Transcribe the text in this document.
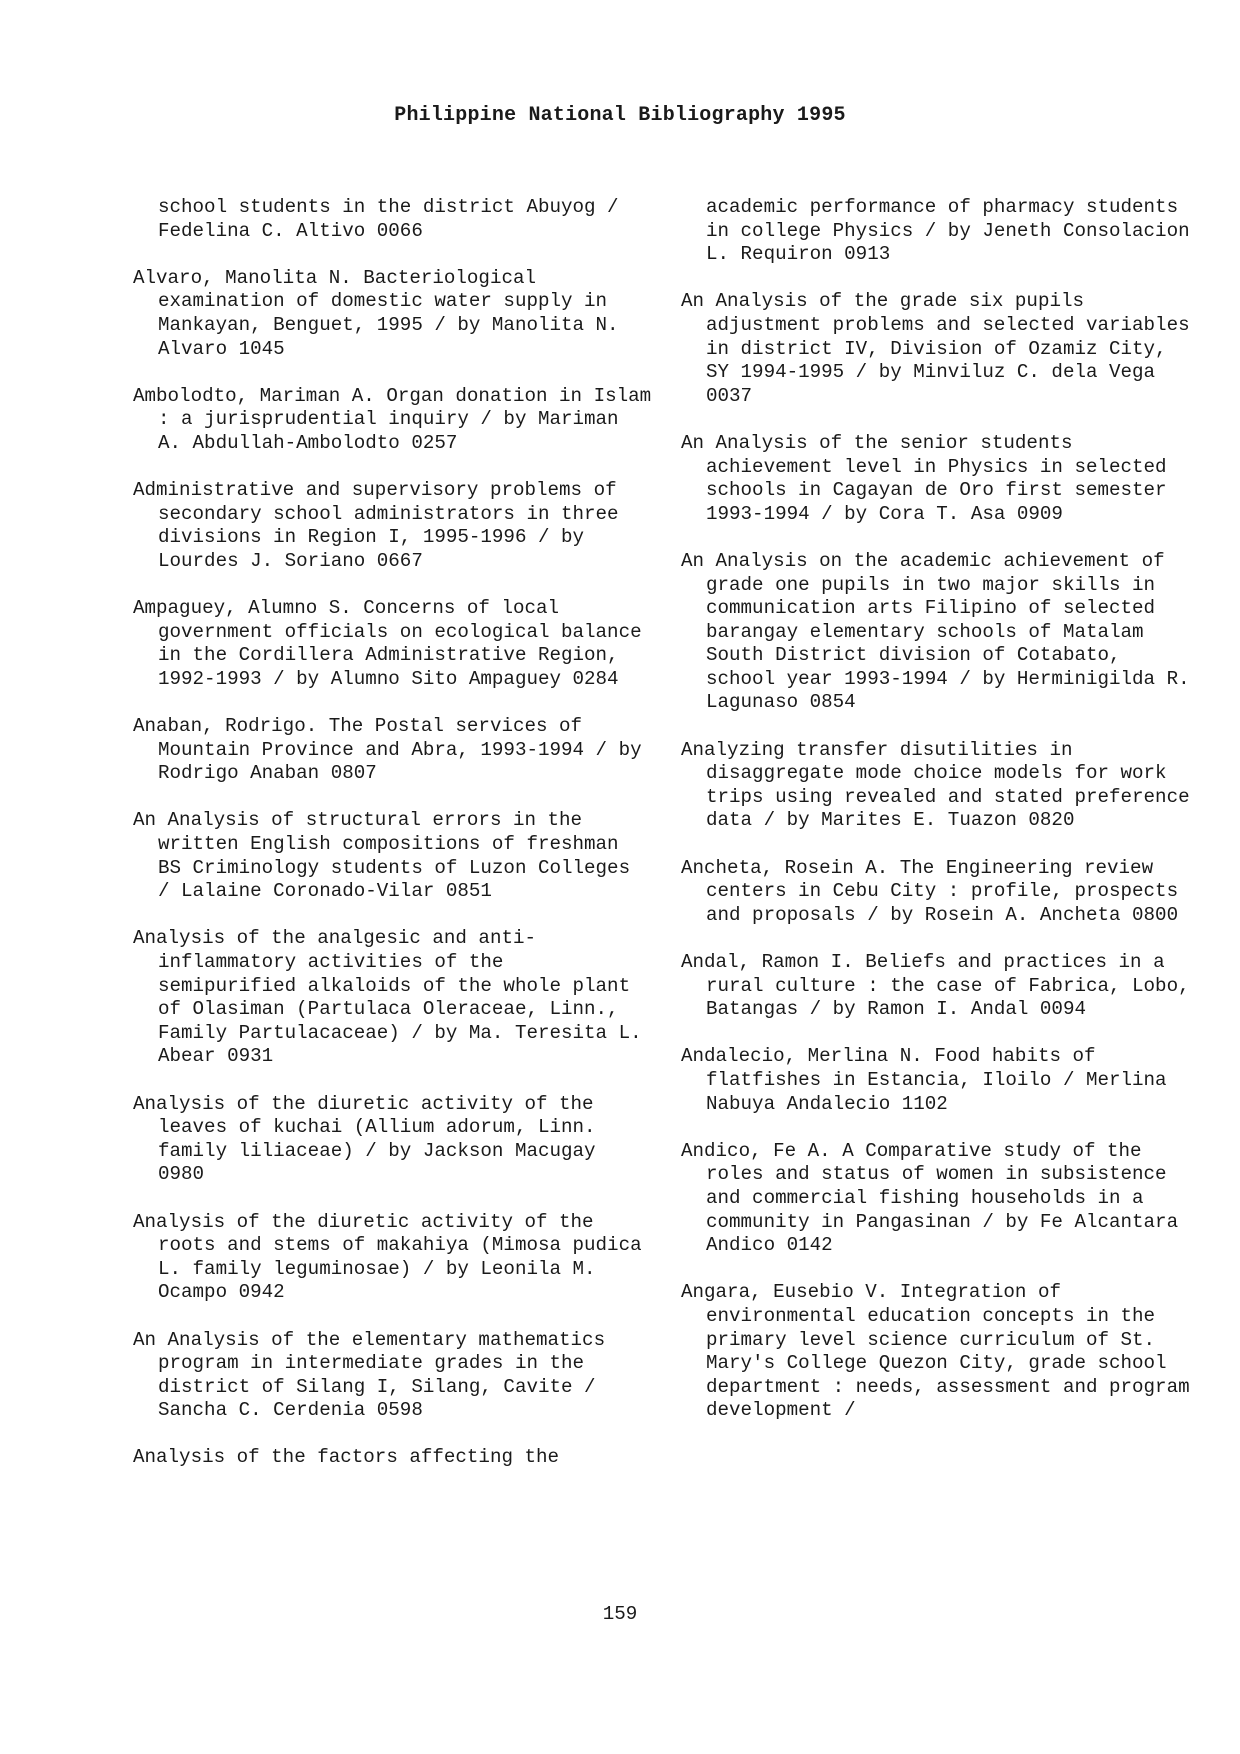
Philippine National Bibliography 1995

school students in the district Abuyog / Fedelina C. Altivo 0066

Alvaro, Manolita N. Bacteriological examination of domestic water supply in Mankayan, Benguet, 1995 / by Manolita N. Alvaro 1045

Ambolodto, Mariman A. Organ donation in Islam : a jurisprudential inquiry / by Mariman A. Abdullah-Ambolodto 0257

Administrative and supervisory problems of secondary school administrators in three divisions in Region I, 1995-1996 / by Lourdes J. Soriano 0667

Ampaguey, Alumno S. Concerns of local government officials on ecological balance in the Cordillera Administrative Region, 1992-1993 / by Alumno Sito Ampaguey 0284

Anaban, Rodrigo. The Postal services of Mountain Province and Abra, 1993-1994 / by Rodrigo Anaban 0807

An Analysis of structural errors in the written English compositions of freshman BS Criminology students of Luzon Colleges / Lalaine Coronado-Vilar 0851

Analysis of the analgesic and anti-inflammatory activities of the semipurified alkaloids of the whole plant of Olasiman (Partulaca Oleraceae, Linn., Family Partulacaceae) / by Ma. Teresita L. Abear 0931

Analysis of the diuretic activity of the leaves of kuchai (Allium adorum, Linn. family liliaceae) / by Jackson Macugay 0980

Analysis of the diuretic activity of the roots and stems of makahiya (Mimosa pudica L. family leguminosae) / by Leonila M. Ocampo 0942

An Analysis of the elementary mathematics program in intermediate grades in the district of Silang I, Silang, Cavite / Sancha C. Cerdenia 0598

Analysis of the factors affecting the

academic performance of pharmacy students in college Physics / by Jeneth Consolacion L. Requiron 0913

An Analysis of the grade six pupils adjustment problems and selected variables in district IV, Division of Ozamiz City, SY 1994-1995 / by Minviluz C. dela Vega 0037

An Analysis of the senior students achievement level in Physics in selected schools in Cagayan de Oro first semester 1993-1994 / by Cora T. Asa 0909

An Analysis on the academic achievement of grade one pupils in two major skills in communication arts Filipino of selected barangay elementary schools of Matalam South District division of Cotabato, school year 1993-1994 / by Herminigilda R. Lagunaso 0854

Analyzing transfer disutilities in disaggregate mode choice models for work trips using revealed and stated preference data / by Marites E. Tuazon 0820

Ancheta, Rosein A. The Engineering review centers in Cebu City : profile, prospects and proposals / by Rosein A. Ancheta 0800

Andal, Ramon I. Beliefs and practices in a rural culture : the case of Fabrica, Lobo, Batangas / by Ramon I. Andal 0094

Andalecio, Merlina N. Food habits of flatfishes in Estancia, Iloilo / Merlina Nabuya Andalecio 1102

Andico, Fe A. A Comparative study of the roles and status of women in subsistence and commercial fishing households in a community in Pangasinan / by Fe Alcantara Andico 0142

Angara, Eusebio V. Integration of environmental education concepts in the primary level science curriculum of St. Mary's College Quezon City, grade school department : needs, assessment and program development /

159
